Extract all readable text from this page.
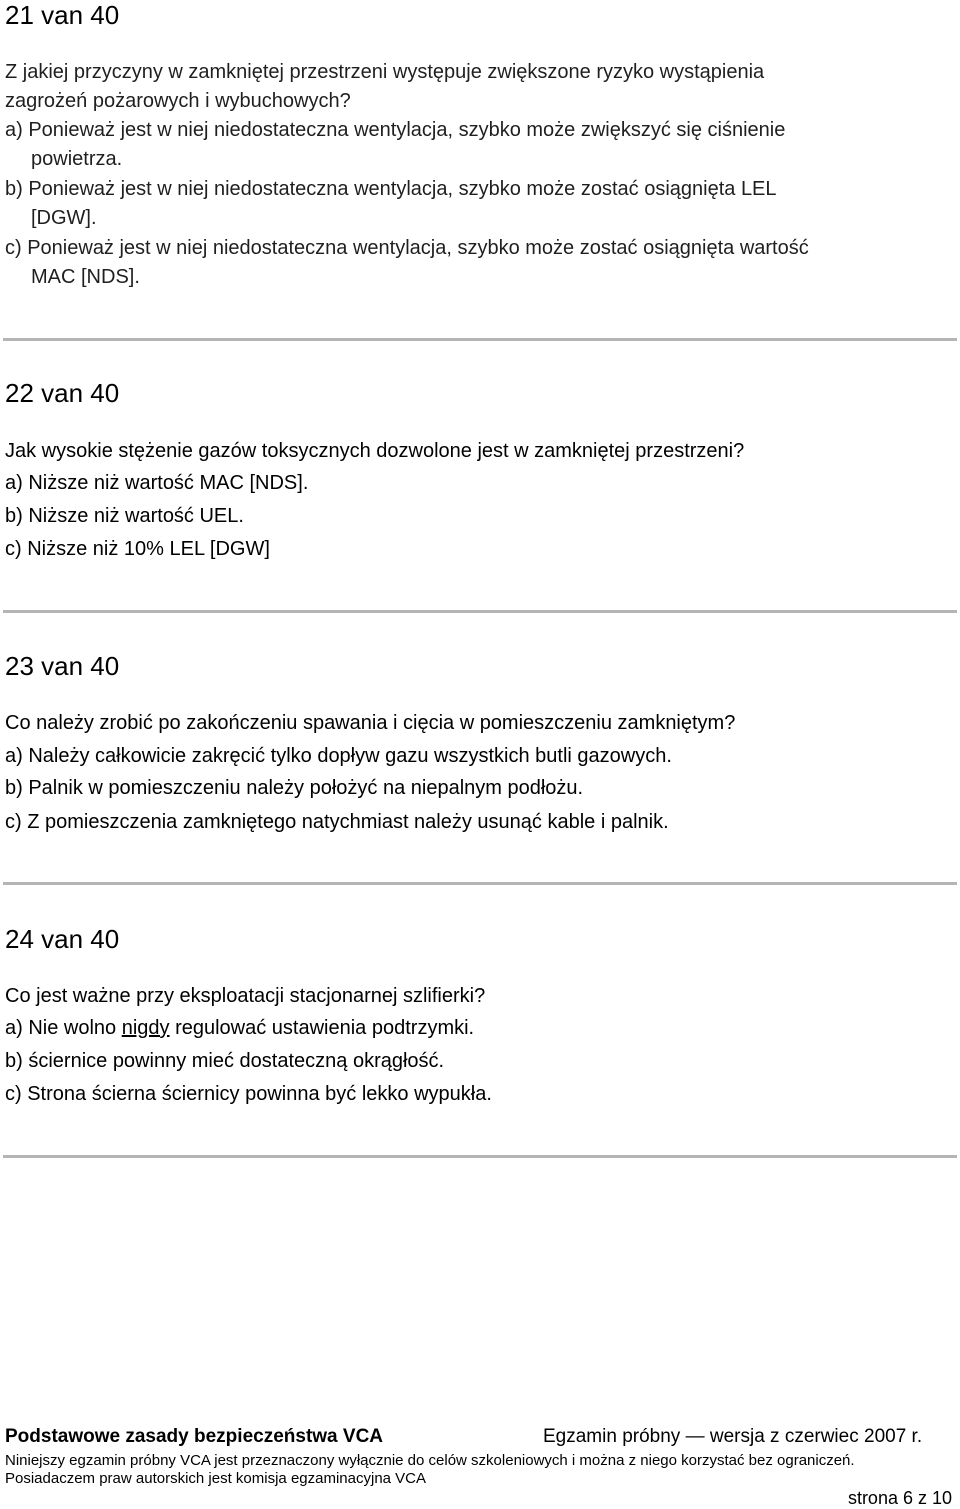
21 van 40
Z jakiej przyczyny w zamkniętej przestrzeni występuje zwiększone ryzyko wystąpienia
zagrożeń pożarowych i wybuchowych?
a) Ponieważ jest w niej niedostateczna wentylacja, szybko może zwiększyć się ciśnienie
powietrza.
b) Ponieważ jest w niej niedostateczna wentylacja, szybko może zostać osiągnięta LEL
[DGW].
c) Ponieważ jest w niej niedostateczna wentylacja, szybko może zostać osiągnięta wartość
MAC [NDS].
22 van 40
Jak wysokie stężenie gazów toksycznych dozwolone jest w zamkniętej przestrzeni?
a) Niższe niż wartość MAC [NDS].
b) Niższe niż wartość UEL.
c) Niższe niż 10% LEL [DGW]
23 van 40
Co należy zrobić po zakończeniu spawania i cięcia w pomieszczeniu zamkniętym?
a) Należy całkowicie zakręcić tylko dopływ gazu wszystkich butli gazowych.
b) Palnik w pomieszczeniu należy położyć na niepalnym podłożu.
c) Z pomieszczenia zamkniętego natychmiast należy usunąć kable i palnik.
24 van 40
Co jest ważne przy eksploatacji stacjonarnej szlifierki?
a) Nie wolno nigdy regulować ustawienia podtrzymki.
b) ściernice powinny mieć dostateczną okrągłość.
c) Strona ścierna ściernicy powinna być lekko wypukła.
Podstawowe zasady bezpieczeństwa VCA	Egzamin próbny — wersja z czerwiec 2007 r.
Niniejszy egzamin próbny VCA jest przeznaczony wyłącznie do celów szkoleniowych i można z niego korzystać bez ograniczeń.
Posiadaczem praw autorskich jest komisja egzaminacyjna VCA
strona 6 z 10
